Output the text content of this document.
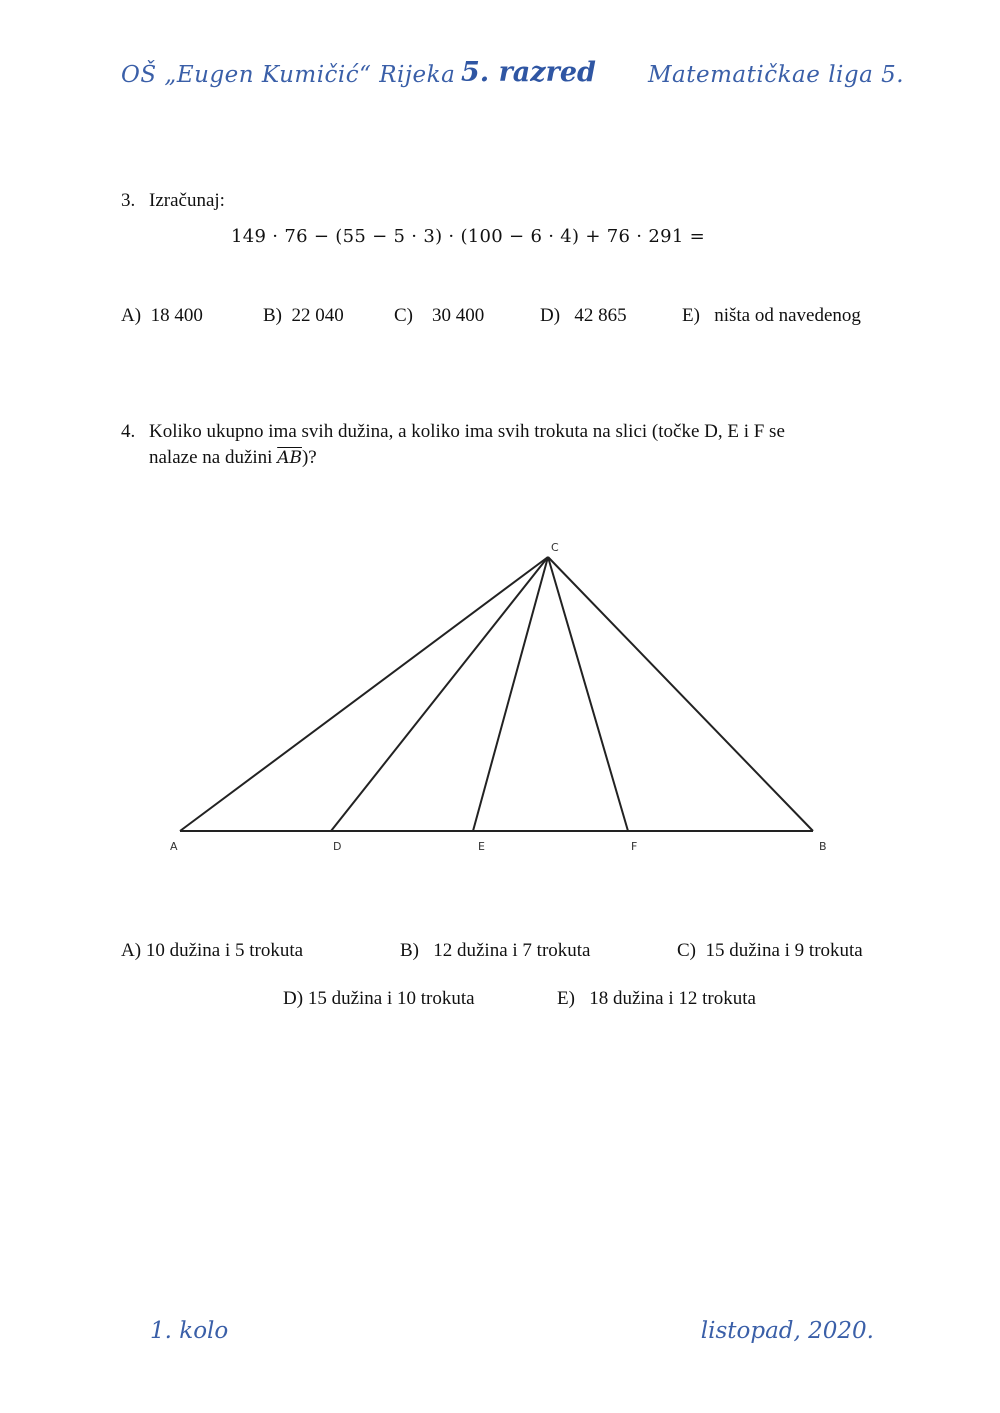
OŠ „Eugen Kumičić“ Rijeka 5. razred Matematičkae liga 5.
3. Izračunaj:
149 · 76 − (55 − 5 · 3) · (100 − 6 · 4) + 76 · 291 =
A) 18 400	B) 22 040	C) 30 400	D) 42 865	E) ništa od navedenog
4. Koliko ukupno ima svih dužina, a koliko ima svih trokuta na slici (točke D, E i F se
nalaze na dužini $\overline{AB}$)?
A	D	E	F	B
C
A) 10 dužina i 5 trokuta	B) 12 dužina i 7 trokuta	C) 15 dužina i 9 trokuta
D) 15 dužina i 10 trokuta	E) 18 dužina i 12 trokuta
1. kolo	listopad, 2020.
